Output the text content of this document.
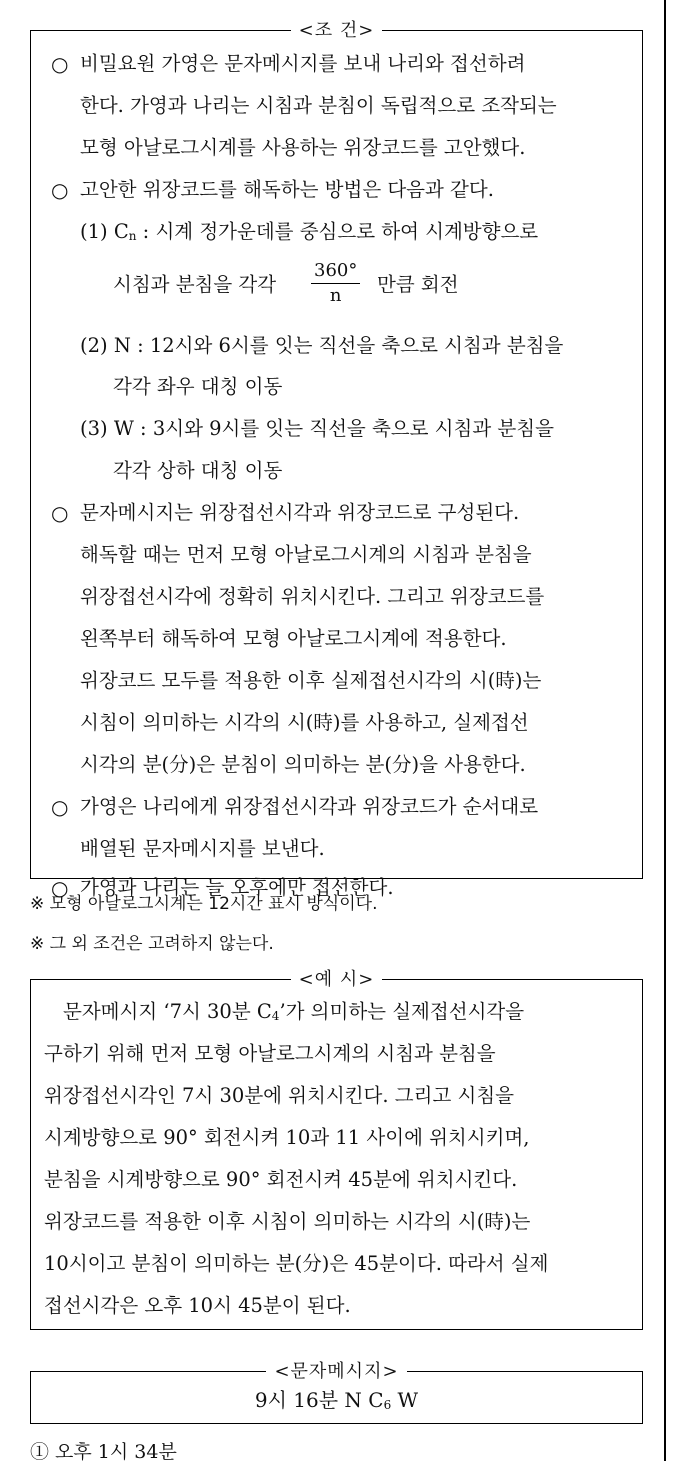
<조 건>
○ 비밀요원 가영은 문자메시지를 보내 나리와 접선하려
한다. 가영과 나리는 시침과 분침이 독립적으로 조작되는
모형 아날로그시계를 사용하는 위장코드를 고안했다.
○ 고안한 위장코드를 해독하는 방법은 다음과 같다.
(1) $C_n$ : 시계 정가운데를 중심으로 하여 시계방향으로
시침과 분침을 각각
360°
n	만큼 회전
(2) N : 12시와 6시를 잇는 직선을 축으로 시침과 분침을
각각 좌우 대칭 이동
(3) W : 3시와 9시를 잇는 직선을 축으로 시침과 분침을
각각 상하 대칭 이동
○ 문자메시지는 위장접선시각과 위장코드로 구성된다.
해독할 때는 먼저 모형 아날로그시계의 시침과 분침을
위장접선시각에 정확히 위치시킨다. 그리고 위장코드를
왼쪽부터 해독하여 모형 아날로그시계에 적용한다.
위장코드 모두를 적용한 이후 실제접선시각의 시(時)는
시침이 의미하는 시각의 시(時)를 사용하고, 실제접선
시각의 분(分)은 분침이 의미하는 분(分)을 사용한다.
○ 가영은 나리에게 위장접선시각과 위장코드가 순서대로
배열된 문자메시지를 보낸다.
○ 가영과 나리는 늘 오후에만 접선한다.
※ 모형 아날로그시계는 12시간 표시 방식이다.
※ 그 외 조건은 고려하지 않는다.
<예 시>
문자메시지 ‘7시 30분 $C_4$’가 의미하는 실제접선시각을
구하기 위해 먼저 모형 아날로그시계의 시침과 분침을
위장접선시각인 7시 30분에 위치시킨다. 그리고 시침을
시계방향으로 90° 회전시켜 10과 11 사이에 위치시키며,
분침을 시계방향으로 90° 회전시켜 45분에 위치시킨다.
위장코드를 적용한 이후 시침이 의미하는 시각의 시(時)는
10시이고 분침이 의미하는 분(分)은 45분이다. 따라서 실제
접선시각은 오후 10시 45분이 된다.
<문자메시지>
9시 16분 N $C_6$ W
① 오후 1시 34분
